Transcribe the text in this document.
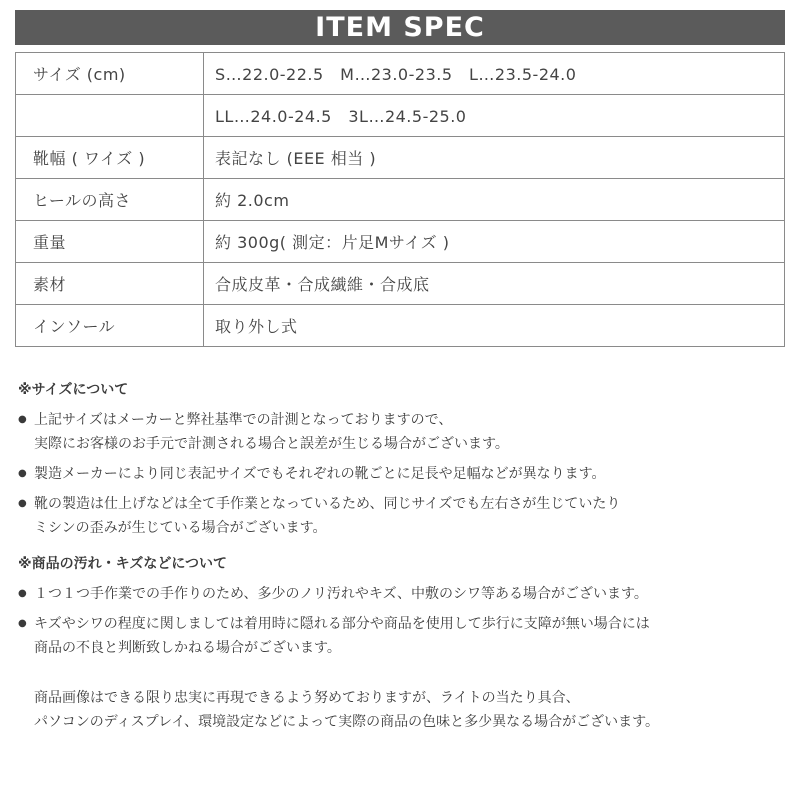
ITEM SPEC
サイズ (cm)	S…22.0-22.5　M…23.0-23.5　L…23.5-24.0
	LL…24.0-24.5　3L…24.5-25.0
靴幅 ( ワイズ )	表記なし (EEE 相当 )
ヒールの高さ	約 2.0cm
重量	約 300g( 測定：片足Mサイズ )
素材	合成皮革・合成繊維・合成底
インソール	取り外し式
※サイズについて
● 上記サイズはメーカーと弊社基準での計測となっておりますので、
実際にお客様のお手元で計測される場合と誤差が生じる場合がございます。
● 製造メーカーにより同じ表記サイズでもそれぞれの靴ごとに足長や足幅などが異なります。
● 靴の製造は仕上げなどは全て手作業となっているため、同じサイズでも左右さが生じていたり
ミシンの歪みが生じている場合がございます。
※商品の汚れ・キズなどについて
● １つ１つ手作業での手作りのため、多少のノリ汚れやキズ、中敷のシワ等ある場合がございます。
● キズやシワの程度に関しましては着用時に隠れる部分や商品を使用して歩行に支障が無い場合には
商品の不良と判断致しかねる場合がございます。
商品画像はできる限り忠実に再現できるよう努めておりますが、ライトの当たり具合、
パソコンのディスプレイ、環境設定などによって実際の商品の色味と多少異なる場合がございます。
